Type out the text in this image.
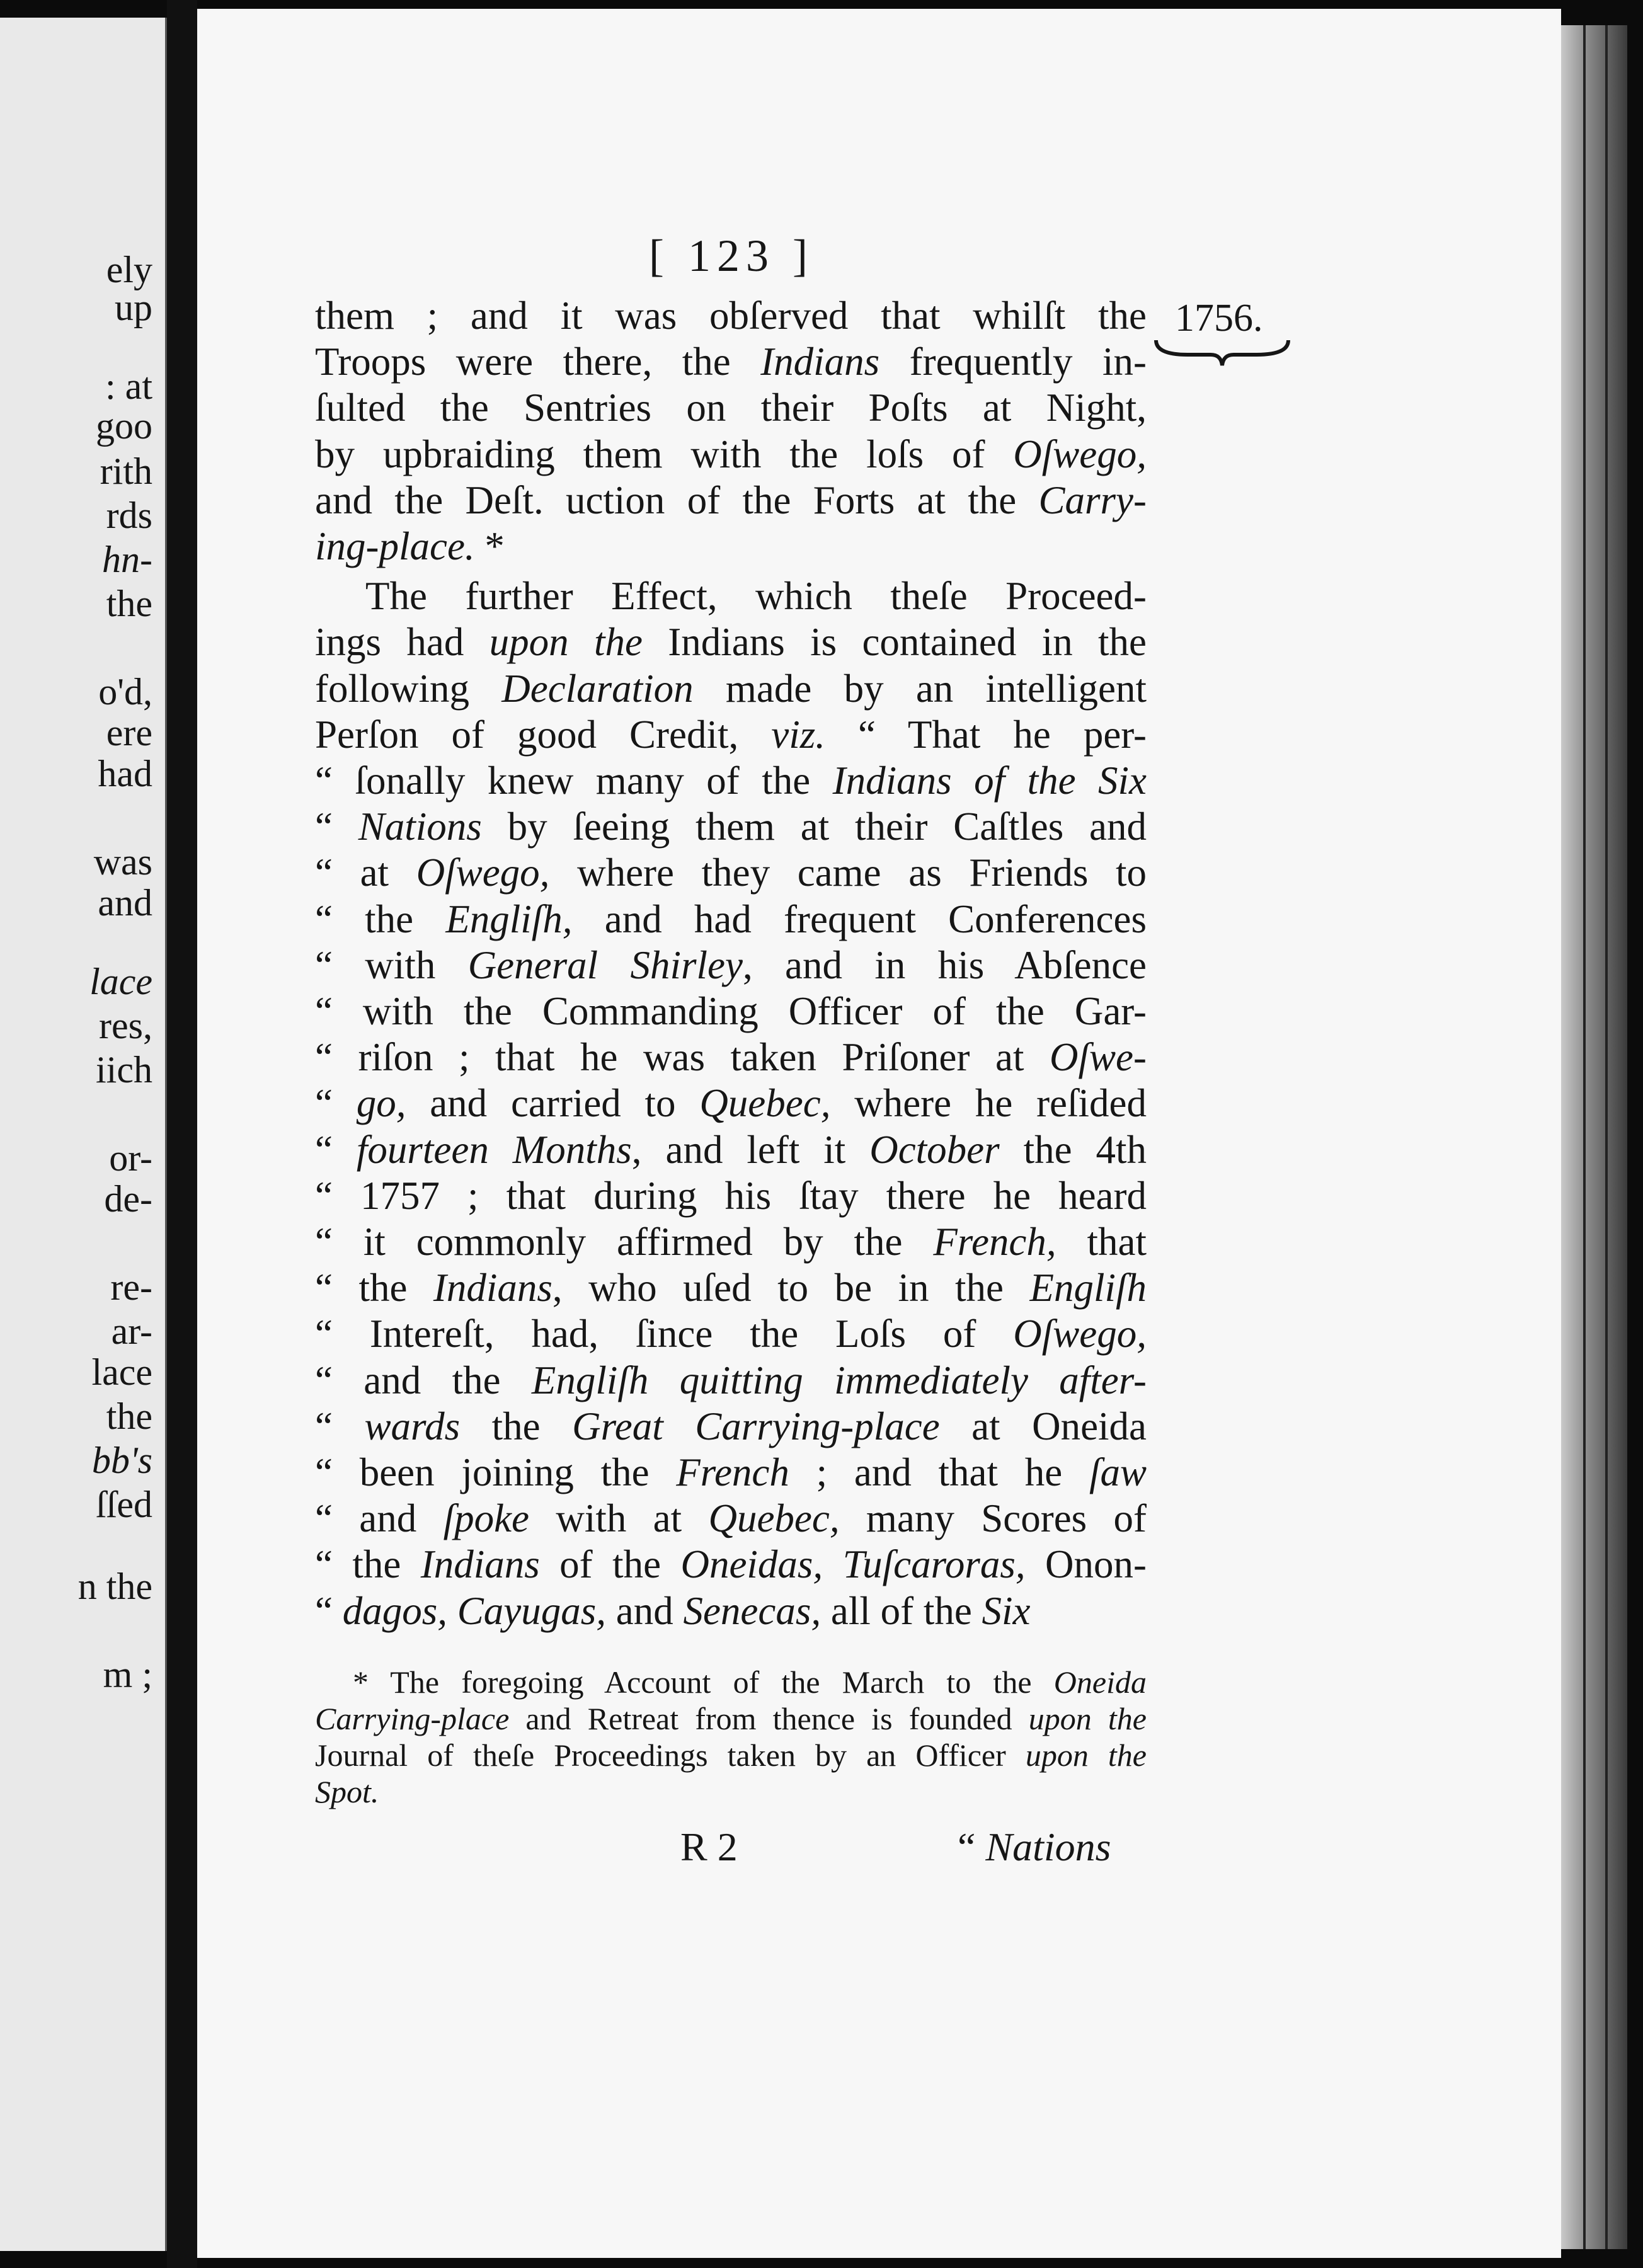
ely
up
: at
goo
rith
rds
hn-
the
o'd,
ere
had
was
and
lace
res,
iich
or-
de-
re-
ar-
lace
the
bb's
ſſed
n the
m ;
[ 123 ]
1756.
them ; and it was obſerved that whilſt the
Troops were there, the Indians frequently in-
ſulted the Sentries on their Poſts at Night,
by upbraiding them with the loſs of Oſwego,
and the Deſt. uction of the Forts at the Carry-
ing-place. *
The further Effect, which theſe Proceed-
ings had upon the Indians is contained in the
following Declaration made by an intelligent
Perſon of good Credit, viz. “ That he per-
“ ſonally knew many of the Indians of the Six
“ Nations by ſeeing them at their Caſtles and
“ at Oſwego, where they came as Friends to
“ the Engliſh, and had frequent Conferences
“ with General Shirley, and in his Abſence
“ with the Commanding Officer of the Gar-
“ riſon ; that he was taken Priſoner at Oſwe-
“ go, and carried to Quebec, where he reſided
“ fourteen Months, and left it October the 4th
“ 1757 ; that during his ſtay there he heard
“ it commonly affirmed by the French, that
“ the Indians, who uſed to be in the Engliſh
“ Intereſt, had, ſince the Loſs of Oſwego,
“ and the Engliſh quitting immediately after-
“ wards the Great Carrying-place at Oneida
“ been joining the French ; and that he ſaw
“ and ſpoke with at Quebec, many Scores of
“ the Indians of the Oneidas, Tuſcaroras, Onon-
“ dagos, Cayugas, and Senecas, all of the Six
* The foregoing Account of the March to the Oneida
Carrying-place and Retreat from thence is founded upon the
Journal of theſe Proceedings taken by an Officer upon the
Spot.
R 2	“ Nations
